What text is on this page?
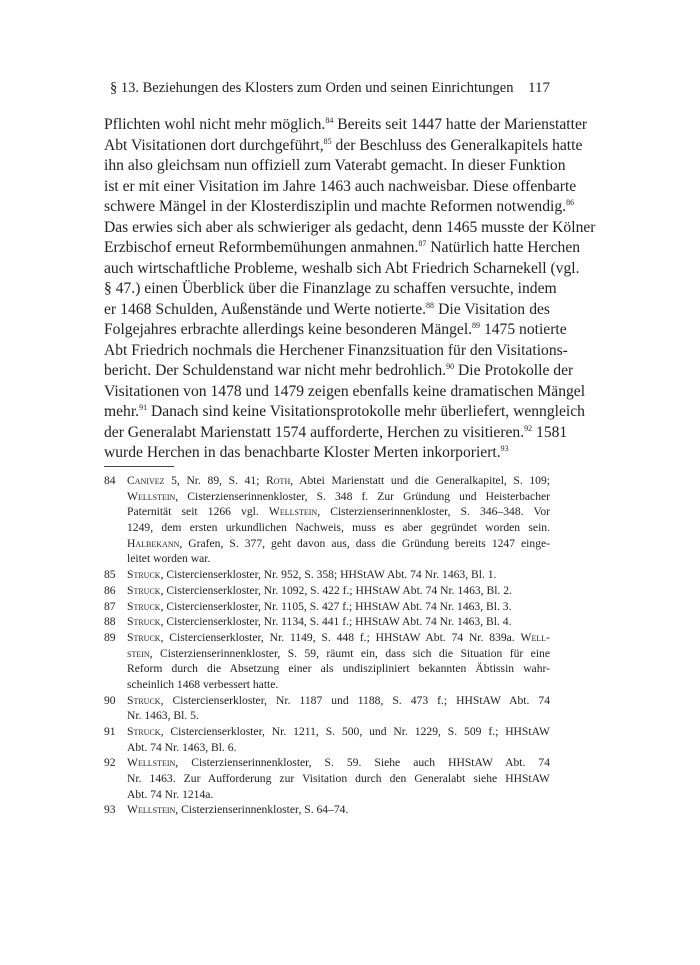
§ 13. Beziehungen des Klosters zum Orden und seinen Einrichtungen 117
Pflichten wohl nicht mehr möglich.$^{84}$ Bereits seit 1447 hatte der Marienstatter
Abt Visitationen dort durchgeführt,$^{85}$ der Beschluss des Generalkapitels hatte
ihn also gleichsam nun offiziell zum Vaterabt gemacht. In dieser Funktion
ist er mit einer Visitation im Jahre 1463 auch nachweisbar. Diese offenbarte
schwere Mängel in der Klosterdisziplin und machte Reformen notwendig.$^{86}$
Das erwies sich aber als schwieriger als gedacht, denn 1465 musste der Kölner
Erzbischof erneut Reformbemühungen anmahnen.$^{87}$ Natürlich hatte Herchen
auch wirtschaftliche Probleme, weshalb sich Abt Friedrich Scharnekell (vgl.
§ 47.) einen Überblick über die Finanzlage zu schaffen versuchte, indem
er 1468 Schulden, Außenstände und Werte notierte.$^{88}$ Die Visitation des
Folgejahres erbrachte allerdings keine besonderen Mängel.$^{89}$ 1475 notierte
Abt Friedrich nochmals die Herchener Finanzsituation für den Visitations-
bericht. Der Schuldenstand war nicht mehr bedrohlich.$^{90}$ Die Protokolle der
Visitationen von 1478 und 1479 zeigen ebenfalls keine dramatischen Mängel
mehr.$^{91}$ Danach sind keine Visitationsprotokolle mehr überliefert, wenngleich
der Generalabt Marienstatt 1574 aufforderte, Herchen zu visitieren.$^{92}$ 1581
wurde Herchen in das benachbarte Kloster Merten inkorporiert.$^{93}$
84 Canivez 5, Nr. 89, S. 41; Roth, Abtei Marienstatt und die Generalkapitel, S. 109;
Wellstein, Cisterzienserinnenkloster, S. 348 f. Zur Gründung und Heisterbacher
Paternität seit 1266 vgl. Wellstein, Cisterzienserinnenkloster, S. 346–348. Vor
1249, dem ersten urkundlichen Nachweis, muss es aber gegründet worden sein.
Halbekann, Grafen, S. 377, geht davon aus, dass die Gründung bereits 1247 einge-
leitet worden war.
85 Struck, Cistercienserkloster, Nr. 952, S. 358; HHStAW Abt. 74 Nr. 1463, Bl. 1.
86 Struck, Cistercienserkloster, Nr. 1092, S. 422 f.; HHStAW Abt. 74 Nr. 1463, Bl. 2.
87 Struck, Cistercienserkloster, Nr. 1105, S. 427 f.; HHStAW Abt. 74 Nr. 1463, Bl. 3.
88 Struck, Cistercienserkloster, Nr. 1134, S. 441 f.; HHStAW Abt. 74 Nr. 1463, Bl. 4.
89 Struck, Cistercienserkloster, Nr. 1149, S. 448 f.; HHStAW Abt. 74 Nr. 839a. Well-
stein, Cisterzienserinnenkloster, S. 59, räumt ein, dass sich die Situation für eine
Reform durch die Absetzung einer als undiszipliniert bekannten Äbtissin wahr-
scheinlich 1468 verbessert hatte.
90 Struck, Cistercienserkloster, Nr. 1187 und 1188, S. 473 f.; HHStAW Abt. 74
Nr. 1463, Bl. 5.
91 Struck, Cistercienserkloster, Nr. 1211, S. 500, und Nr. 1229, S. 509 f.; HHStAW
Abt. 74 Nr. 1463, Bl. 6.
92 Wellstein, Cisterzienserinnenkloster, S. 59. Siehe auch HHStAW Abt. 74
Nr. 1463. Zur Aufforderung zur Visitation durch den Generalabt siehe HHStAW
Abt. 74 Nr. 1214a.
93 Wellstein, Cisterzienserinnenkloster, S. 64–74.
